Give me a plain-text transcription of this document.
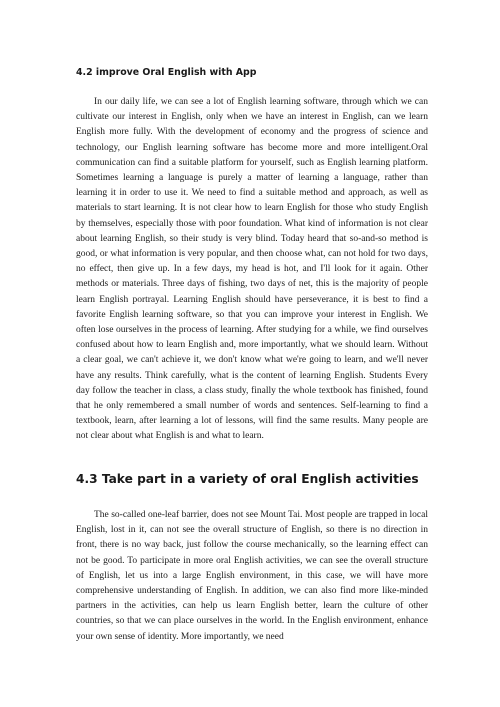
4.2 improve Oral English with App

In our daily life, we can see a lot of English learning software, through which we can cultivate our interest in English, only when we have an interest in English, can we learn English more fully. With the development of economy and the progress of science and technology, our English learning software has become more and more intelligent.Oral communication can find a suitable platform for yourself, such as English learning platform. Sometimes learning a language is purely a matter of learning a language, rather than learning it in order to use it. We need to find a suitable method and approach, as well as materials to start learning. It is not clear how to learn English for those who study English by themselves, especially those with poor foundation. What kind of information is not clear about learning English, so their study is very blind. Today heard that so-and-so method is good, or what information is very popular, and then choose what, can not hold for two days, no effect, then give up. In a few days, my head is hot, and I'll look for it again. Other methods or materials. Three days of fishing, two days of net, this is the majority of people learn English portrayal. Learning English should have perseverance, it is best to find a favorite English learning software, so that you can improve your interest in English. We often lose ourselves in the process of learning. After studying for a while, we find ourselves confused about how to learn English and, more importantly, what we should learn. Without a clear goal, we can't achieve it, we don't know what we're going to learn, and we'll never have any results. Think carefully, what is the content of learning English. Students Every day follow the teacher in class, a class study, finally the whole textbook has finished, found that he only remembered a small number of words and sentences. Self-learning to find a textbook, learn, after learning a lot of lessons, will find the same results. Many people are not clear about what English is and what to learn.

4.3 Take part in a variety of oral English activities

The so-called one-leaf barrier, does not see Mount Tai. Most people are trapped in local English, lost in it, can not see the overall structure of English, so there is no direction in front, there is no way back, just follow the course mechanically, so the learning effect can not be good. To participate in more oral English activities, we can see the overall structure of English, let us into a large English environment, in this case, we will have more comprehensive understanding of English. In addition, we can also find more like-minded partners in the activities, can help us learn English better, learn the culture of other countries, so that we can place ourselves in the world. In the English environment, enhance your own sense of identity. More importantly, we need
